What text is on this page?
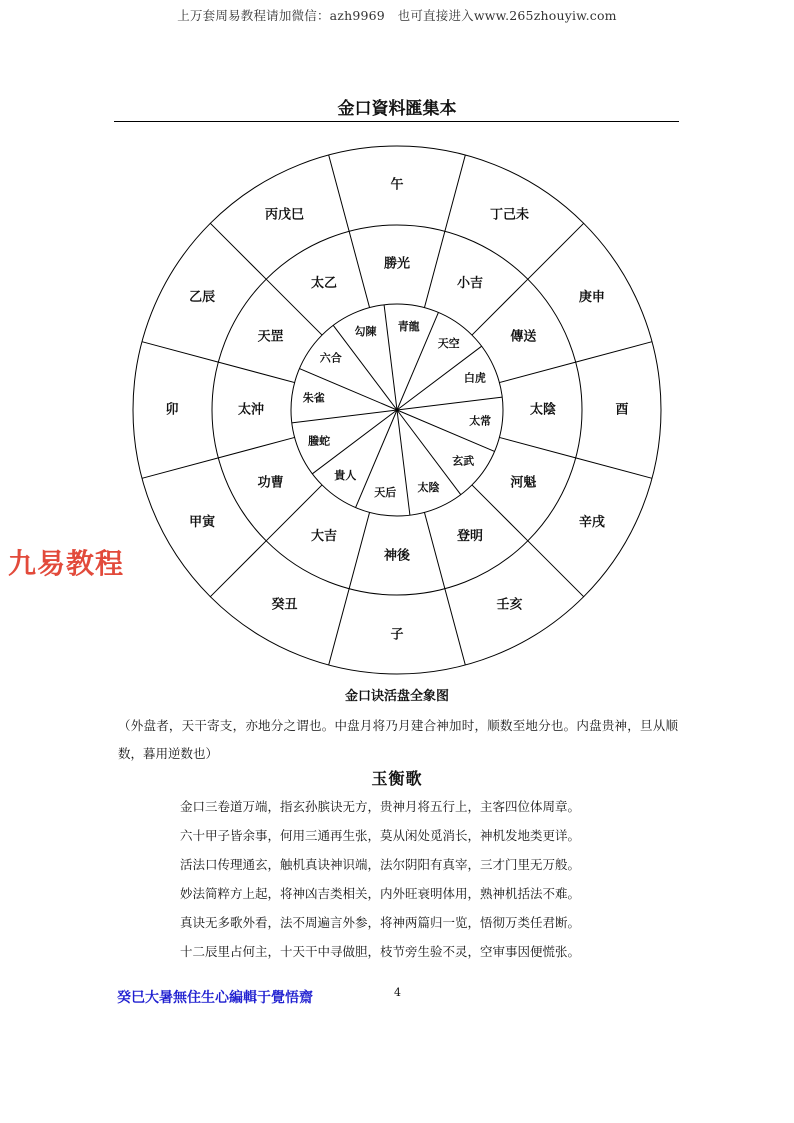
上万套周易教程请加微信：azh9969　也可直接进入www.265zhouyiw.com
金口資料匯集本
午
丁己未
庚申
酉
辛戌
壬亥
子
癸丑
甲寅
卯
乙辰
丙戊巳
勝光
小吉
傳送
太陰
河魁
登明
神後
大吉
功曹
太沖
天罡
太乙
青龍
天空
白虎
太常
玄武
太陰
天后
貴人
螣蛇
朱雀
六合
勾陳
九易教程
金口诀活盘全象图
（外盘者，天干寄支，亦地分之谓也。中盘月将乃月建合神加时，顺数至地分也。内盘贵神，旦从顺数，暮用逆数也）
玉衡歌
金口三卷道万端，指玄孙膑诀无方，贵神月将五行上，主客四位体周章。
六十甲子皆余事，何用三通再生张，莫从闲处觅消长，神机发地类更详。
活法口传理通玄，触机真诀神识端，法尔阴阳有真宰，三才门里无万般。
妙法简粹方上起，将神凶吉类相关，内外旺衰明体用，熟神机括法不难。
真诀无多歌外看，法不周遍言外参，将神两篇归一览，悟彻万类任君断。
十二辰里占何主，十天干中寻做胆，枝节旁生验不灵，空审事因便慌张。
癸巳大暑無住生心編輯于覺悟齋	4
